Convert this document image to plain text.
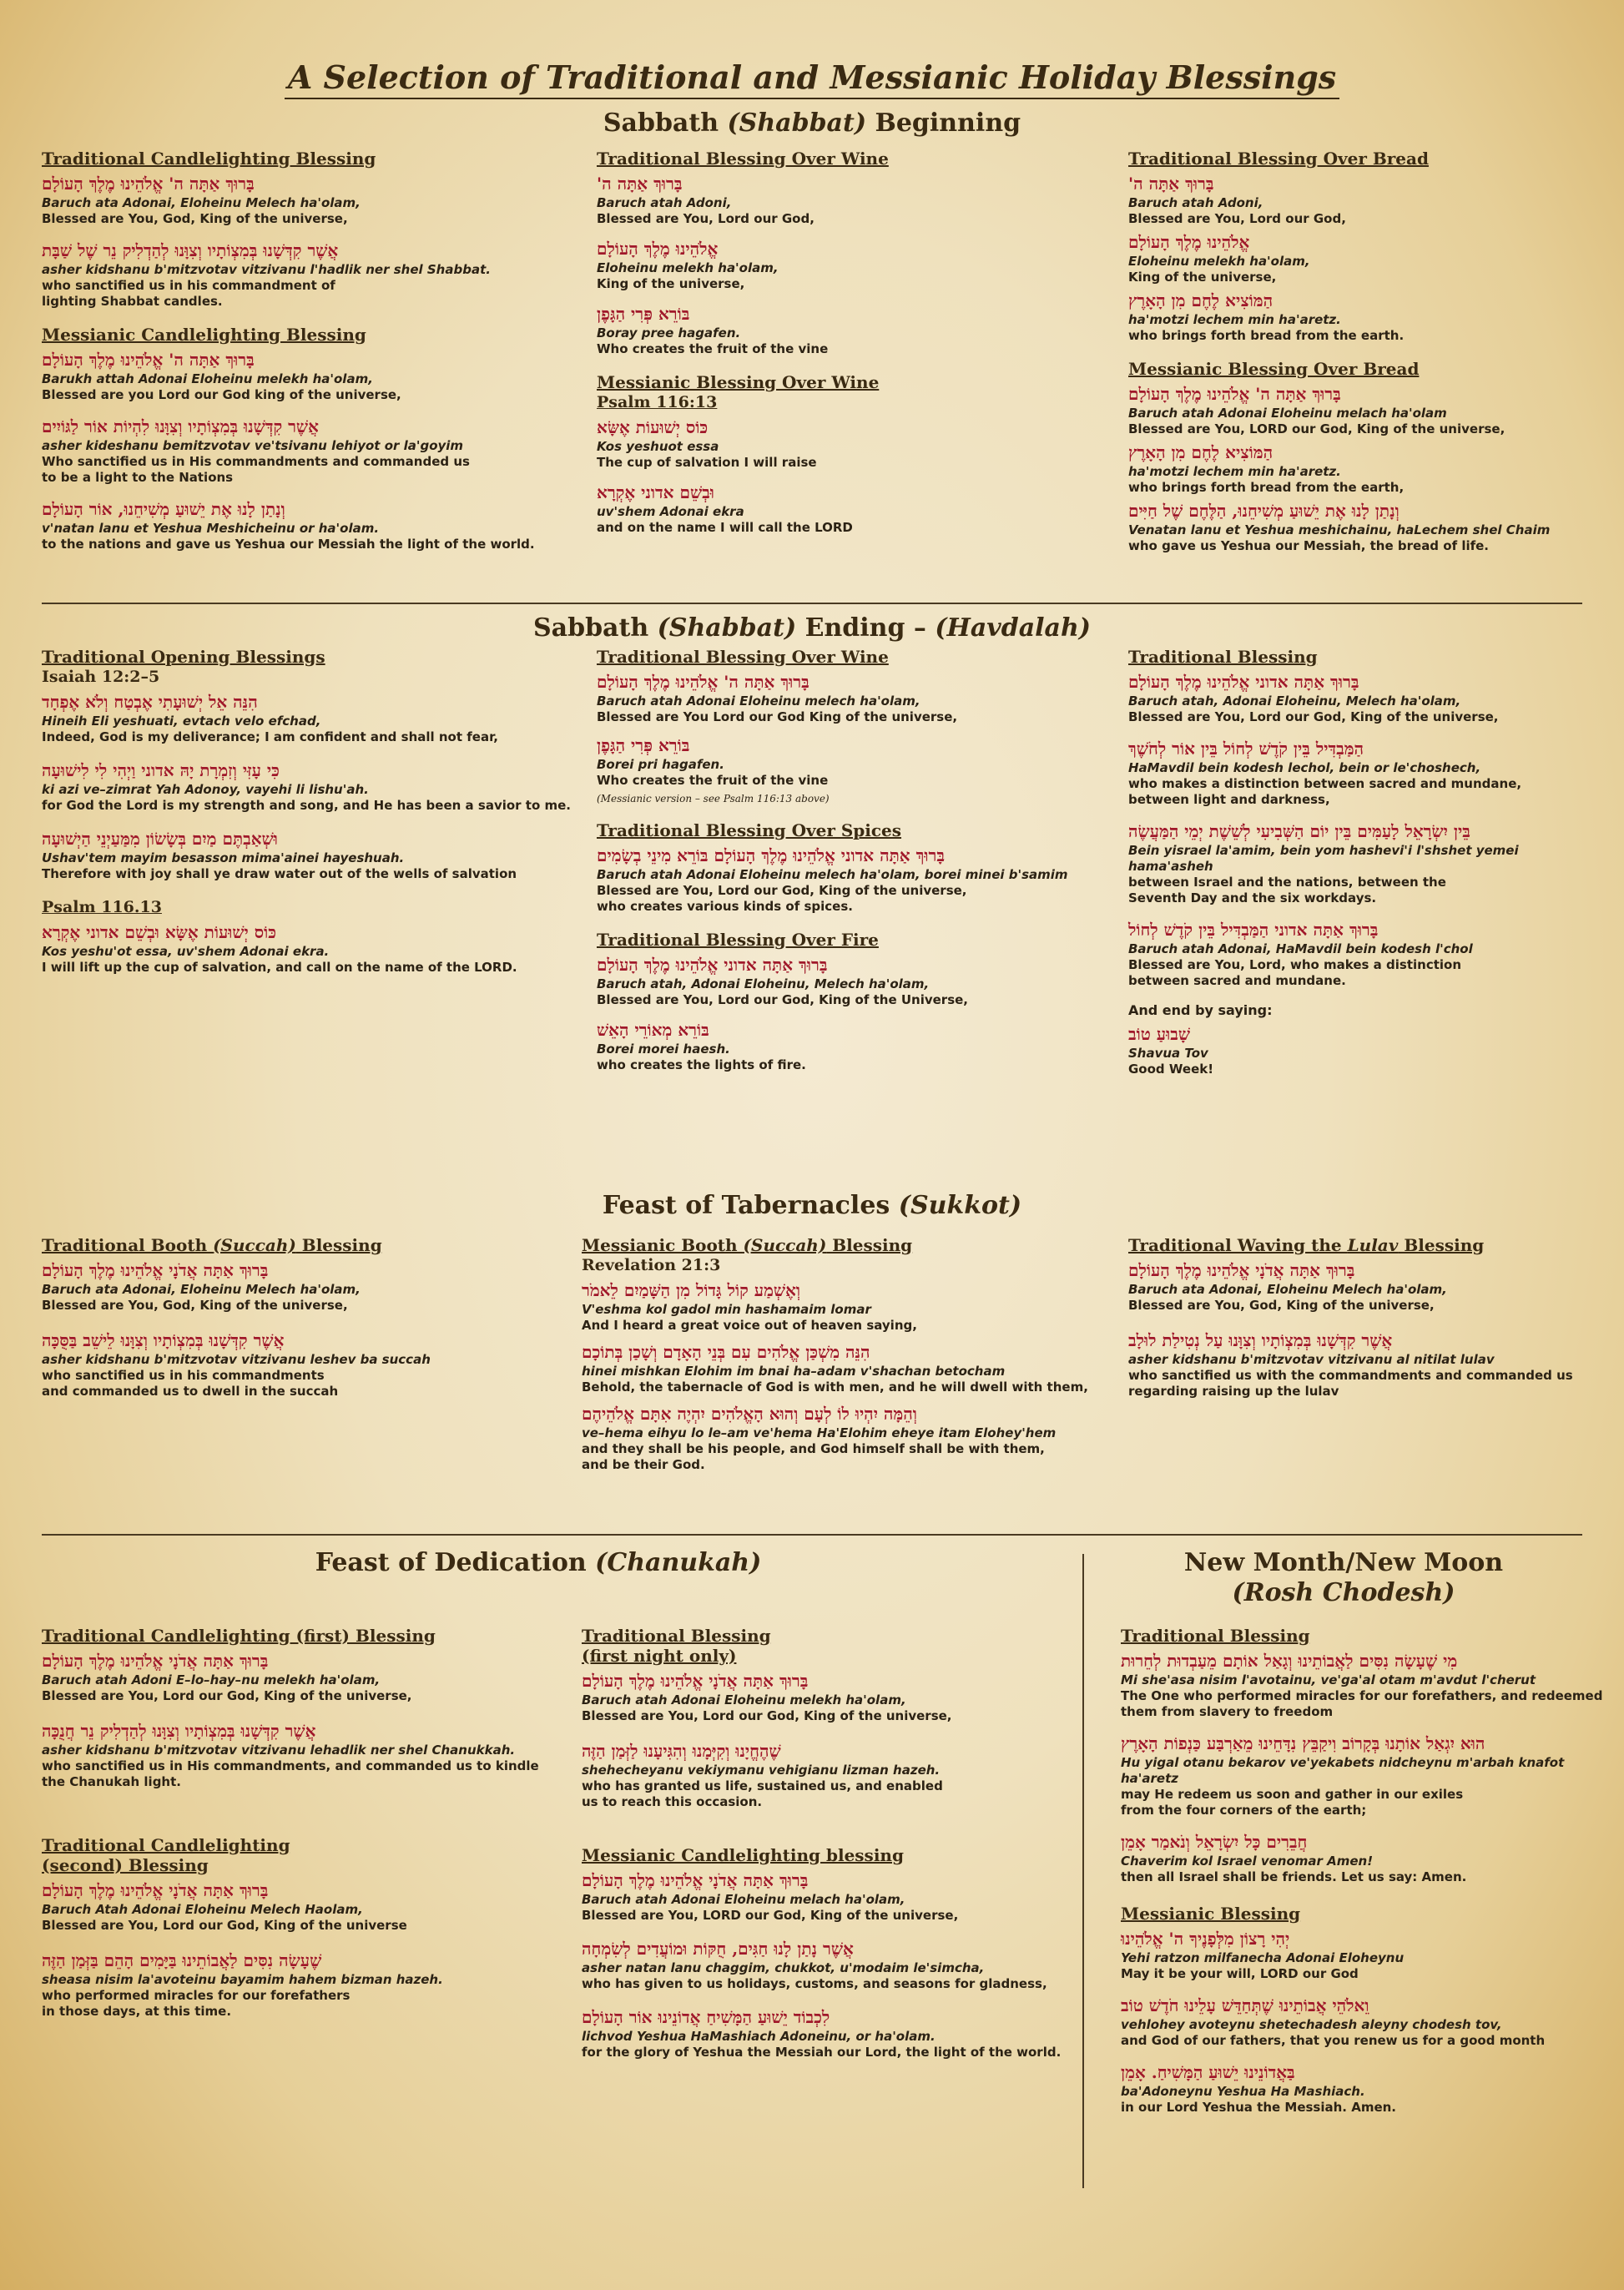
A Selection of Traditional and Messianic Holiday Blessings
Sabbath (Shabbat) Beginning
Traditional Candlelighting Blessing
בָּרוּךְ אַתָּה ה' אֱלֹהֵינוּ מֶלֶךְ הָעוֹלָם
Baruch ata Adonai, Eloheinu Melech ha'olam,
Blessed are You, God, King of the universe,
אֲשֶׁר קִדְּשָׁנוּ בְּמִצְוֹתָיו וְצִוָּנוּ לְהַדְלִיק נֵר שֶׁל שַׁבָּת
asher kidshanu b'mitzvotav vitzivanu l'hadlik ner shel Shabbat.
who sanctified us in his commandment of
lighting Shabbat candles.
Messianic Candlelighting Blessing
בָּרוּךְ אַתָּה ה' אֱלֹהֵינוּ מֶלֶךְ הָעוֹלָם
Barukh attah Adonai Eloheinu melekh ha'olam,
Blessed are you Lord our God king of the universe,
אֲשֶׁר קִדְּשָׁנוּ בְּמִצְוֹתָיו וְצִוָּנוּ לִהְיוֹת אוֹר לַגּוֹיִים
asher kideshanu bemitzvotav ve'tsivanu lehiyot or la'goyim
Who sanctified us in His commandments and commanded us
to be a light to the Nations
וְנָתַן לָנוּ אֶת יֵשׁוּעַ מְשִׁיחֵנוּ, אוֹר הָעוֹלָם
v'natan lanu et Yeshua Meshicheinu or ha'olam.
to the nations and gave us Yeshua our Messiah the light of the world.
Traditional Blessing Over Wine
בָּרוּךְ אַתָּה ה'
Baruch atah Adoni,
Blessed are You, Lord our God,
אֱלֹהֵינוּ מֶלֶךְ הָעוֹלָם
Eloheinu melekh ha'olam,
King of the universe,
בּוֹרֵא פְּרִי הַגָּפֶן
Boray pree hagafen.
Who creates the fruit of the vine
Messianic Blessing Over Wine
Psalm 116:13
כּוֹס יְשׁוּעוֹת אֶשָּׂא
Kos yeshuot essa
The cup of salvation I will raise
וּבְשֵׁם אדוני אֶקְרָא
uv'shem Adonai ekra
and on the name I will call the LORD
Traditional Blessing Over Bread
בָּרוּךְ אַתָּה ה'
Baruch atah Adoni,
Blessed are You, Lord our God,
אֱלֹהֵינוּ מֶלֶךְ הָעוֹלָם
Eloheinu melekh ha'olam,
King of the universe,
הַמּוֹצִיא לֶחֶם מִן הָאָרֶץ
ha'motzi lechem min ha'aretz.
who brings forth bread from the earth.
Messianic Blessing Over Bread
בָּרוּךְ אַתָּה ה' אֱלֹהֵינוּ מֶלֶךְ הָעוֹלָם
Baruch atah Adonai Eloheinu melach ha'olam
Blessed are You, LORD our God, King of the universe,
הַמּוֹצִיא לֶחֶם מִן הָאָרֶץ
ha'motzi lechem min ha'aretz.
who brings forth bread from the earth,
וְנָתַן לָנוּ אֶת יֵשׁוּעַ מְשִׁיחֵנוּ, הַלֶּחֶם שֶׁל חַיִּים
Venatan lanu et Yeshua meshichainu, haLechem shel Chaim
who gave us Yeshua our Messiah, the bread of life.
Sabbath (Shabbat) Ending – (Havdalah)
Traditional Opening Blessings
Isaiah 12:2–5
הִנֵּה אֵל יְשׁוּעָתִי אֶבְטַח וְלֹא אֶפְחָד
Hineih Eli yeshuati, evtach velo efchad,
Indeed, God is my deliverance; I am confident and shall not fear,
כִּי עָזִּי וְזִמְרָת יָהּ אדוני וַיְהִי לִי לִישׁוּעָה
ki azi ve–zimrat Yah Adonoy, vayehi li lishu'ah.
for God the Lord is my strength and song, and He has been a savior to me.
וּשְׁאַבְתֶּם מַיִם בְּשָׂשׂוֹן מִמַּעַיְנֵי הַיְשׁוּעָה
Ushav'tem mayim besasson mima'ainei hayeshuah.
Therefore with joy shall ye draw water out of the wells of salvation
Psalm 116.13
כּוֹס יְשׁוּעוֹת אֶשָּׂא וּבְשֵׁם אדוני אֶקְרָא
Kos yeshu'ot essa, uv'shem Adonai ekra.
I will lift up the cup of salvation, and call on the name of the LORD.
Traditional Blessing Over Wine
בָּרוּךְ אַתָּה ה' אֱלֹהֵינוּ מֶלֶךְ הָעוֹלָם
Baruch atah Adonai Eloheinu melech ha'olam,
Blessed are You Lord our God King of the universe,
בּוֹרֵא פְּרִי הַגָּפֶן
Borei pri hagafen.
Who creates the fruit of the vine
(Messianic version – see Psalm 116:13 above)
Traditional Blessing Over Spices
בָּרוּךְ אַתָּה אדוני אֱלֹהֵינוּ מֶלֶךְ הָעוֹלָם בּוֹרֵא מִינֵי בְשָׂמִים
Baruch atah Adonai Eloheinu melech ha'olam, borei minei b'samim
Blessed are You, Lord our God, King of the universe,
who creates various kinds of spices.
Traditional Blessing Over Fire
בָּרוּךְ אַתָּה אדוני אֱלֹהֵינוּ מֶלֶךְ הָעוֹלָם
Baruch atah, Adonai Eloheinu, Melech ha'olam,
Blessed are You, Lord our God, King of the Universe,
בּוֹרֵא מְאוֹרֵי הָאֵשׁ
Borei morei haesh.
who creates the lights of fire.
Traditional Blessing
בָּרוּךְ אַתָּה אדוני אֱלֹהֵינוּ מֶלֶךְ הָעוֹלָם
Baruch atah, Adonai Eloheinu, Melech ha'olam,
Blessed are You, Lord our God, King of the universe,
הַמַּבְדִּיל בֵּין קֹדֶשׁ לְחוֹל בֵּין אוֹר לְחֹשֶׁךְ
HaMavdil bein kodesh lechol, bein or le'choshech,
who makes a distinction between sacred and mundane,
between light and darkness,
בֵּין יִשְׂרָאֵל לָעַמִּים בֵּין יוֹם הַשְּׁבִיעִי לְשֵׁשֶׁת יְמֵי הַמַּעֲשֶׂה
Bein yisrael la'amim, bein yom hashevi'i l'shshet yemei hama'asheh
between Israel and the nations, between the
Seventh Day and the six workdays.
בָּרוּךְ אַתָּה אדוני הַמַּבְדִּיל בֵּין קֹדֶשׁ לְחוֹל
Baruch atah Adonai, HaMavdil bein kodesh l'chol
Blessed are You, Lord, who makes a distinction
between sacred and mundane.
And end by saying:
שָׁבוּעַ טוֹב
Shavua Tov
Good Week!
Feast of Tabernacles (Sukkot)
Traditional Booth (Succah) Blessing
בָּרוּךְ אַתָּה אֲדֹנָי אֱלֹהֵינוּ מֶלֶךְ הָעוֹלָם
Baruch ata Adonai, Eloheinu Melech ha'olam,
Blessed are You, God, King of the universe,
אֲשֶׁר קִדְּשָׁנוּ בְּמִצְוֹתָיו וְצִוָּנוּ לֵישֵׁב בַּסֻּכָּה
asher kidshanu b'mitzvotav vitzivanu leshev ba succah
who sanctified us in his commandments
and commanded us to dwell in the succah
Messianic Booth (Succah) Blessing
Revelation 21:3
וְאֶשְׁמַע קוֹל גָּדוֹל מִן הַשָּׁמַיִם לֵאמֹר
V'eshma kol gadol min hashamaim lomar
And I heard a great voice out of heaven saying,
הִנֵּה מִשְׁכַּן אֱלֹהִים עִם בְּנֵי הָאָדָם וְשָׁכַן בְּתוֹכָם
hinei mishkan Elohim im bnai ha–adam v'shachan betocham
Behold, the tabernacle of God is with men, and he will dwell with them,
וְהֵמָּה יִהְיוּ לוֹ לְעָם וְהוּא הָאֱלֹהִים יִהְיֶה אִתָּם אֱלֹהֵיהֶם
ve–hema eihyu lo le–am ve'hema Ha'Elohim eheye itam Elohey'hem
and they shall be his people, and God himself shall be with them,
and be their God.
Traditional Waving the Lulav Blessing
בָּרוּךְ אַתָּה אֲדֹנָי אֱלֹהֵינוּ מֶלֶךְ הָעוֹלָם
Baruch ata Adonai, Eloheinu Melech ha'olam,
Blessed are You, God, King of the universe,
אֲשֶׁר קִדְּשָׁנוּ בְּמִצְוֹתָיו וְצִוָּנוּ עַל נְטִילַת לוּלָב
asher kidshanu b'mitzvotav vitzivanu al nitilat lulav
who sanctified us with the commandments and commanded us
regarding raising up the lulav
Feast of Dedication (Chanukah)
Traditional Candlelighting (first) Blessing
בָּרוּךְ אַתָּה אֲדֹנָי אֱלֹהֵינוּ מֶלֶךְ הָעוֹלָם
Baruch atah Adoni E–lo–hay–nu melekh ha'olam,
Blessed are You, Lord our God, King of the universe,
אֲשֶׁר קִדְּשָׁנוּ בְּמִצְוֹתָיו וְצִוָּנוּ לְהַדְלִיק נֵר חֲנֻכָּה
asher kidshanu b'mitzvotav vitzivanu lehadlik ner shel Chanukkah.
who sanctified us in His commandments, and commanded us to kindle
the Chanukah light.
Traditional Candlelighting
(second) Blessing
בָּרוּךְ אַתָּה אֲדֹנָי אֱלֹהֵינוּ מֶלֶךְ הָעוֹלָם
Baruch Atah Adonai Eloheinu Melech Haolam,
Blessed are You, Lord our God, King of the universe
שֶׁעָשָׂה נִסִּים לַאֲבוֹתֵינוּ בַּיָּמִים הָהֵם בַּזְּמַן הַזֶּה
sheasa nisim la'avoteinu bayamim hahem bizman hazeh.
who performed miracles for our forefathers
in those days, at this time.
Traditional Blessing
(first night only)
בָּרוּךְ אַתָּה אֲדֹנָי אֱלֹהֵינוּ מֶלֶךְ הָעוֹלָם
Baruch atah Adonai Eloheinu melekh ha'olam,
Blessed are You, Lord our God, King of the universe,
שֶׁהֶחֱיָנוּ וְקִיְּמָנוּ וְהִגִּיעָנוּ לַזְּמַן הַזֶּה
shehecheyanu vekiymanu vehigianu lizman hazeh.
who has granted us life, sustained us, and enabled
us to reach this occasion.
Messianic Candlelighting blessing
בָּרוּךְ אַתָּה אֲדֹנָי אֱלֹהֵינוּ מֶלֶךְ הָעוֹלָם
Baruch atah Adonai Eloheinu melach ha'olam,
Blessed are You, LORD our God, King of the universe,
אֲשֶׁר נָתַן לָנוּ חַגִּים, חֻקּוֹת וּמוֹעֲדִים לְשִׂמְחָה
asher natan lanu chaggim, chukkot, u'modaim le'simcha,
who has given to us holidays, customs, and seasons for gladness,
לִכְבוֹד יֵשׁוּעַ הַמָּשִׁיחַ אֲדוֹנֵינוּ אוֹר הָעוֹלָם
lichvod Yeshua HaMashiach Adoneinu, or ha'olam.
for the glory of Yeshua the Messiah our Lord, the light of the world.
New Month/New Moon
(Rosh Chodesh)
Traditional Blessing
מִי שֶׁעָשָׂה נִסִּים לַאֲבוֹתֵינוּ וְגָאַל אוֹתָם מֵעַבְדוּת לְחֵרוּת
Mi she'asa nisim l'avotainu, ve'ga'al otam m'avdut l'cherut
The One who performed miracles for our forefathers, and redeemed
them from slavery to freedom
הוּא יִגְאַל אוֹתָנוּ בְּקָרוֹב וִיקַבֵּץ נִדָּחֵינוּ מֵאַרְבַּע כַּנְפוֹת הָאָרֶץ
Hu yigal otanu bekarov ve'yekabets nidcheynu m'arbah knafot ha'aretz
may He redeem us soon and gather in our exiles
from the four corners of the earth;
חֲבֵרִים כָּל יִשְׂרָאֵל וְנֹאמַר אָמֵן
Chaverim kol Israel venomar Amen!
then all Israel shall be friends. Let us say: Amen.
Messianic Blessing
יְהִי רָצוֹן מִלְּפָנֶיךָ ה' אֱלֹהֵינוּ
Yehi ratzon milfanecha Adonai Eloheynu
May it be your will, LORD our God
וֵאלֹהֵי אֲבוֹתֵינוּ שֶׁתְּחַדֵּשׁ עָלֵינוּ חֹדֶשׁ טוֹב
vehlohey avoteynu shetechadesh aleyny chodesh tov,
and God of our fathers, that you renew us for a good month
בַּאֲדוֹנֵינוּ יֵשׁוּעַ הַמָּשִׁיחַ. אָמֵן
ba'Adoneynu Yeshua Ha Mashiach.
in our Lord Yeshua the Messiah. Amen.
